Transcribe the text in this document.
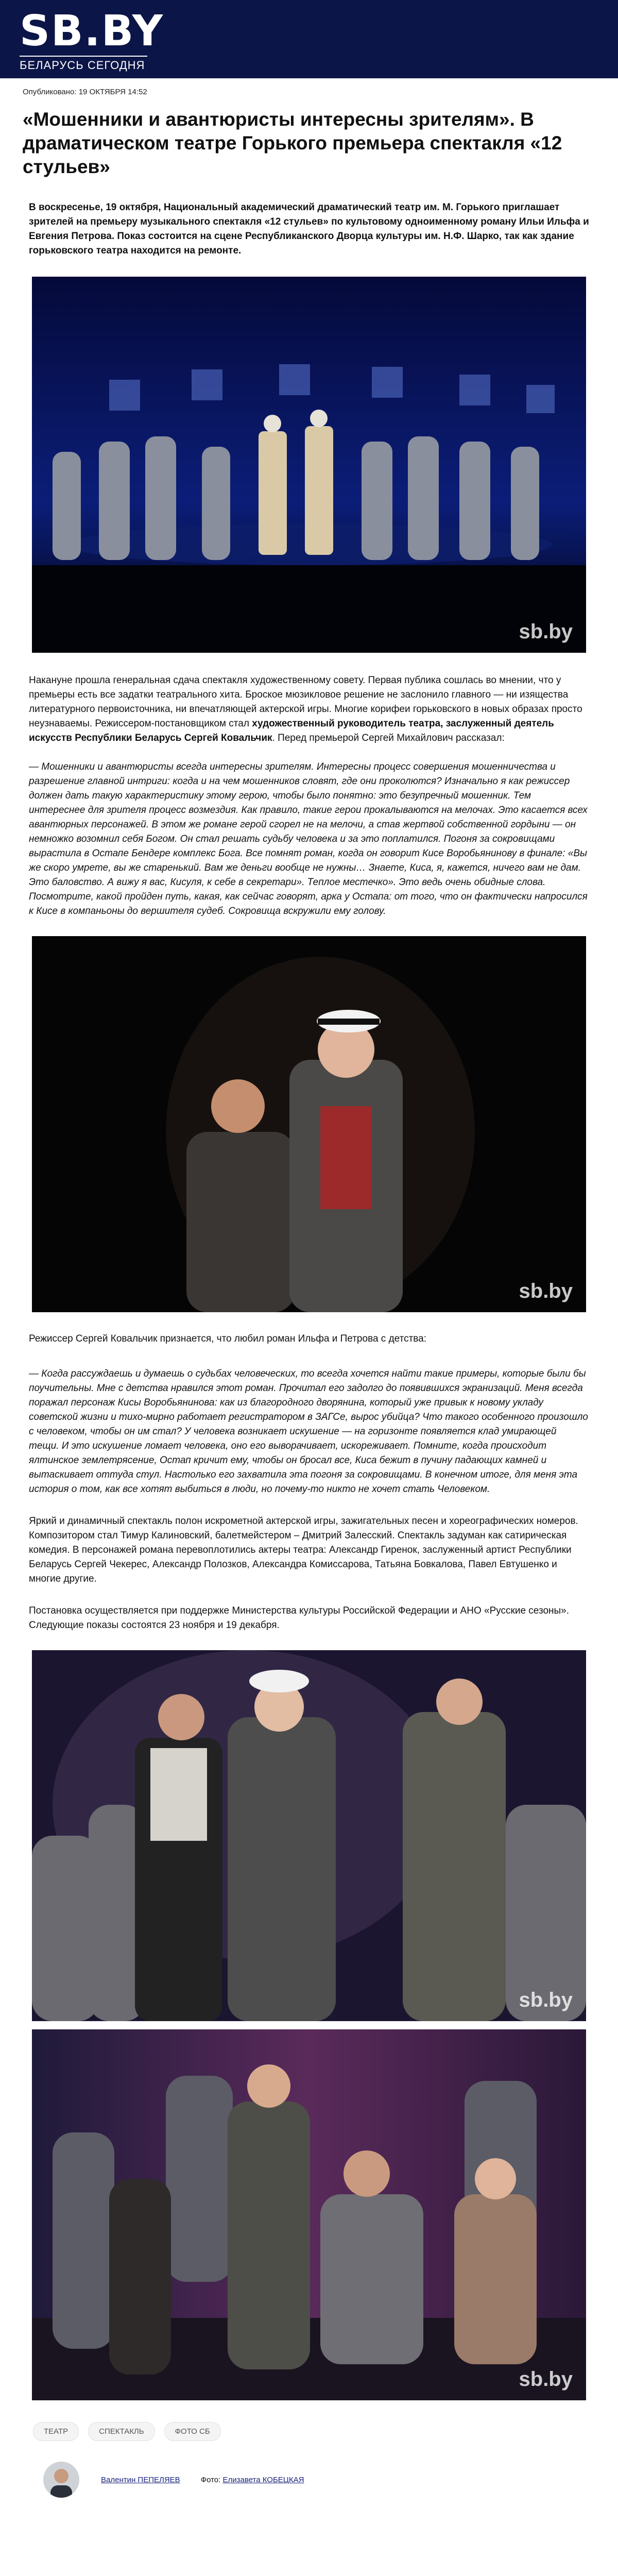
SB.BY
БЕЛАРУСЬ СЕГОДНЯ
Опубликовано: 19 ОКТЯБРЯ 14:52
«Мошенники и авантюристы интересны зрителям». В драматическом театре Горького премьера спектакля «12 стульев»

В воскресенье, 19 октября, Национальный академический драматический театр им. М. Горького приглашает зрителей на премьеру музыкального спектакля «12 стульев» по культовому одноименному роману Ильи Ильфа и Евгения Петрова. Показ состоится на сцене Республиканского Дворца культуры им. Н.Ф. Шарко, так как здание горьковского театра находится на ремонте.

sb.by

Накануне прошла генеральная сдача спектакля художественному совету. Первая публика сошлась во мнении, что у премьеры есть все задатки театрального хита. Броское мюзикловое решение не заслонило главного — ни изящества литературного первоисточника, ни впечатляющей актерской игры. Многие корифеи горьковского в новых образах просто неузнаваемы. Режиссером-постановщиком стал художественный руководитель театра, заслуженный деятель искусств Республики Беларусь Сергей Ковальчик. Перед премьерой Сергей Михайлович рассказал:

— Мошенники и авантюристы всегда интересны зрителям. Интересны процесс совершения мошенничества и разрешение главной интриги: когда и на чем мошенников словят, где они проколются? Изначально я как режиссер должен дать такую характеристику этому герою, чтобы было понятно: это безупречный мошенник. Тем интереснее для зрителя процесс возмездия. Как правило, такие герои прокалываются на мелочах. Это касается всех авантюрных персонажей. В этом же романе герой сгорел не на мелочи, а став жертвой собственной гордыни — он немножко возомнил себя Богом. Он стал решать судьбу человека и за это поплатился. Погоня за сокровищами вырастила в Остапе Бендере комплекс Бога. Все помнят роман, когда он говорит Кисе Воробьянинову в финале: «Вы же скоро умрете, вы же старенький. Вам же деньги вообще не нужны… Знаете, Киса, я, кажется, ничего вам не дам. Это баловство. А вижу я вас, Кисуля, к себе в секретари». Теплое местечко». Это ведь очень обидные слова. Посмотрите, какой пройден путь, какая, как сейчас говорят, арка у Остапа: от того, что он фактически напросился к Кисе в компаньоны до вершителя судеб. Сокровища вскружили ему голову.

sb.by

Режиссер Сергей Ковальчик признается, что любил роман Ильфа и Петрова с детства:

— Когда рассуждаешь и думаешь о судьбах человеческих, то всегда хочется найти такие примеры, которые были бы поучительны. Мне с детства нравился этот роман. Прочитал его задолго до появившихся экранизаций. Меня всегда поражал персонаж Кисы Воробьянинова: как из благородного дворянина, который уже привык к новому укладу советской жизни и тихо-мирно работает регистратором в ЗАГСе, вырос убийца? Что такого особенного произошло с человеком, чтобы он им стал? У человека возникает искушение — на горизонте появляется клад умирающей тещи. И это искушение ломает человека, оно его выворачивает, искореживает. Помните, когда происходит ялтинское землетрясение, Остап кричит ему, чтобы он бросал все, Киса бежит в пучину падающих камней и вытаскивает оттуда стул. Настолько его захватила эта погоня за сокровищами. В конечном итоге, для меня эта история о том, как все хотят выбиться в люди, но почему-то никто не хочет стать Человеком.

Яркий и динамичный спектакль полон искрометной актерской игры, зажигательных песен и хореографических номеров. Композитором стал Тимур Калиновский, балетмейстером – Дмитрий Залесский. Спектакль задуман как сатирическая комедия. В персонажей романа перевоплотились актеры театра: Александр Гиренок, заслуженный артист Республики Беларусь Сергей Чекерес, Александр Полозков, Александра Комиссарова, Татьяна Бовкалова, Павел Евтушенко и многие другие.

Постановка осуществляется при поддержке Министерства культуры Российской Федерации и АНО «Русские сезоны». Следующие показы состоятся 23 ноября и 19 декабря.

sb.by
sb.by
ТЕАТР	СПЕКТАКЛЬ	ФОТО СБ
Валентин ПЕПЕЛЯЕВ	Фото: Елизавета КОБЕЦКАЯ
